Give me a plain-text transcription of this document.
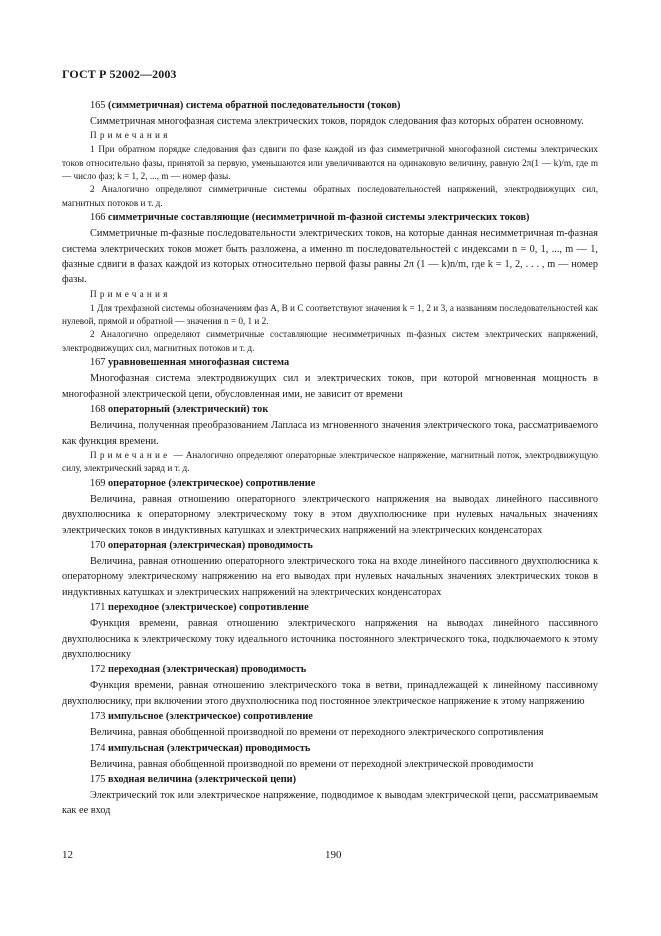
ГОСТ Р 52002—2003

165 (симметричная) система обратной последовательности (токов)

Симметричная многофазная система электрических токов, порядок следования фаз которых обратен основному.

Примечания

1 При обратном порядке следования фаз сдвиги по фазе каждой из фаз симметричной многофазной системы электрических токов относительно фазы, принятой за первую, уменьшаются или увеличиваются на одинаковую величину, равную 2π(1 — k)/m, где m — число фаз; k = 1, 2, ..., m — номер фазы.

2 Аналогично определяют симметричные системы обратных последовательностей напряжений, электродвижущих сил, магнитных потоков и т. д.

166 симметричные составляющие (несимметричной m-фазной системы электрических токов)

Симметричные m-фазные последовательности электрических токов, на которые данная несимметричная m-фазная система электрических токов может быть разложена, а именно m последовательностей с индексами n = 0, 1, ..., m — 1, фазные сдвиги в фазах каждой из которых относительно первой фазы равны 2π (1 — k)n/m, где k = 1, 2, . . . , m — номер фазы.

Примечания

1 Для трехфазной системы обозначениям фаз A, B и C соответствуют значения k = 1, 2 и 3, а названиям последовательностей как нулевой, прямой и обратной — значения n = 0, 1 и 2.

2 Аналогично определяют симметричные составляющие несимметричных m-фазных систем электрических напряжений, электродвижущих сил, магнитных потоков и т. д.

167 уравновешенная многофазная система

Многофазная система электродвижущих сил и электрических токов, при которой мгновенная мощность в многофазной электрической цепи, обусловленная ими, не зависит от времени

168 операторный (электрический) ток

Величина, полученная преобразованием Лапласа из мгновенного значения электрического тока, рассматриваемого как функция времени.

Примечание — Аналогично определяют операторные электрическое напряжение, магнитный поток, электродвижущую силу, электрический заряд и т. д.

169 операторное (электрическое) сопротивление

Величина, равная отношению операторного электрического напряжения на выводах линейного пассивного двухполюсника к операторному электрическому току в этом двухполюснике при нулевых начальных значениях электрических токов в индуктивных катушках и электрических напряжений на электрических конденсаторах

170 операторная (электрическая) проводимость

Величина, равная отношению операторного электрического тока на входе линейного пассивного двухполюсника к операторному электрическому напряжению на его выводах при нулевых начальных значениях электрических токов в индуктивных катушках и электрических напряжений на электрических конденсаторах

171 переходное (электрическое) сопротивление

Функция времени, равная отношению электрического напряжения на выводах линейного пассивного двухполюсника к электрическому току идеального источника постоянного электрического тока, подключаемого к этому двухполюснику

172 переходная (электрическая) проводимость

Функция времени, равная отношению электрического тока в ветви, принадлежащей к линейному пассивному двухполюснику, при включении этого двухполюсника под постоянное электрическое напряжение к этому напряжению

173 импульсное (электрическое) сопротивление

Величина, равная обобщенной производной по времени от переходного электрического сопротивления

174 импульсная (электрическая) проводимость

Величина, равная обобщенной производной по времени от переходной электрической проводимости

175 входная величина (электрической цепи)

Электрический ток или электрическое напряжение, подводимое к выводам электрической цепи, рассматриваемым как ее вход

12	190
